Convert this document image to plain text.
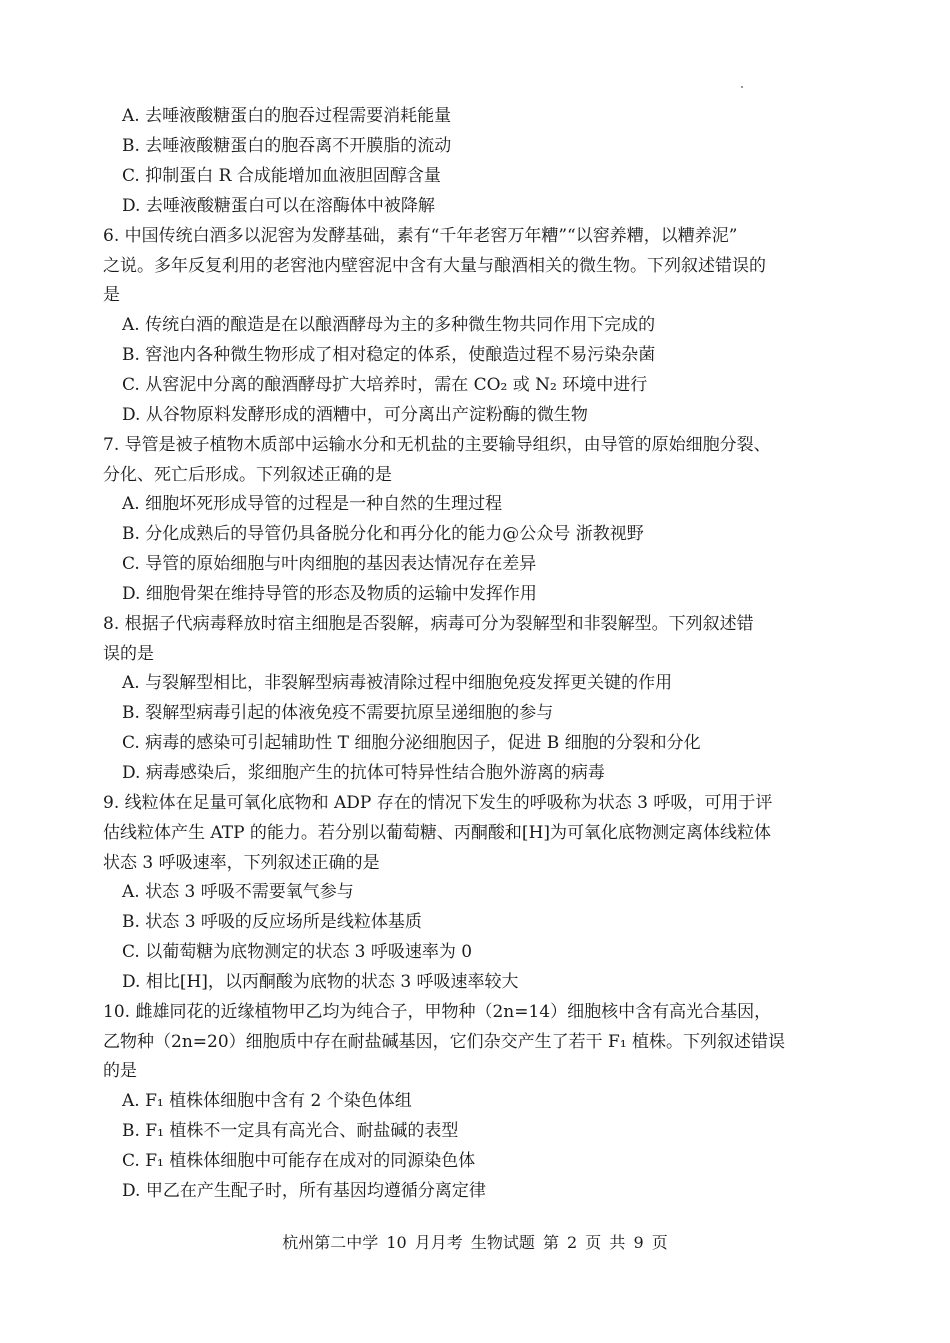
A. 去唾液酸糖蛋白的胞吞过程需要消耗能量
B. 去唾液酸糖蛋白的胞吞离不开膜脂的流动
C. 抑制蛋白 R 合成能增加血液胆固醇含量
D. 去唾液酸糖蛋白可以在溶酶体中被降解
6. 中国传统白酒多以泥窖为发酵基础，素有“千年老窖万年糟”“以窖养糟，以糟养泥”
之说。多年反复利用的老窖池内壁窖泥中含有大量与酿酒相关的微生物。下列叙述错误的
是
A. 传统白酒的酿造是在以酿酒酵母为主的多种微生物共同作用下完成的
B. 窖池内各种微生物形成了相对稳定的体系，使酿造过程不易污染杂菌
C. 从窖泥中分离的酿酒酵母扩大培养时，需在 CO₂ 或 N₂ 环境中进行
D. 从谷物原料发酵形成的酒糟中，可分离出产淀粉酶的微生物
7. 导管是被子植物木质部中运输水分和无机盐的主要输导组织，由导管的原始细胞分裂、
分化、死亡后形成。下列叙述正确的是
A. 细胞坏死形成导管的过程是一种自然的生理过程
B. 分化成熟后的导管仍具备脱分化和再分化的能力@公众号 浙教视野
C. 导管的原始细胞与叶肉细胞的基因表达情况存在差异
D. 细胞骨架在维持导管的形态及物质的运输中发挥作用
8. 根据子代病毒释放时宿主细胞是否裂解，病毒可分为裂解型和非裂解型。下列叙述错
误的是
A. 与裂解型相比，非裂解型病毒被清除过程中细胞免疫发挥更关键的作用
B. 裂解型病毒引起的体液免疫不需要抗原呈递细胞的参与
C. 病毒的感染可引起辅助性 T 细胞分泌细胞因子，促进 B 细胞的分裂和分化
D. 病毒感染后，浆细胞产生的抗体可特异性结合胞外游离的病毒
9. 线粒体在足量可氧化底物和 ADP 存在的情况下发生的呼吸称为状态 3 呼吸，可用于评
估线粒体产生 ATP 的能力。若分别以葡萄糖、丙酮酸和[H]为可氧化底物测定离体线粒体
状态 3 呼吸速率，下列叙述正确的是
A. 状态 3 呼吸不需要氧气参与
B. 状态 3 呼吸的反应场所是线粒体基质
C. 以葡萄糖为底物测定的状态 3 呼吸速率为 0
D. 相比[H]，以丙酮酸为底物的状态 3 呼吸速率较大
10. 雌雄同花的近缘植物甲乙均为纯合子，甲物种（2n=14）细胞核中含有高光合基因，
乙物种（2n=20）细胞质中存在耐盐碱基因，它们杂交产生了若干 F₁ 植株。下列叙述错误
的是
A. F₁ 植株体细胞中含有 2 个染色体组
B. F₁ 植株不一定具有高光合、耐盐碱的表型
C. F₁ 植株体细胞中可能存在成对的同源染色体
D. 甲乙在产生配子时，所有基因均遵循分离定律
杭州第二中学 10 月月考 生物试题 第 2 页 共 9 页
